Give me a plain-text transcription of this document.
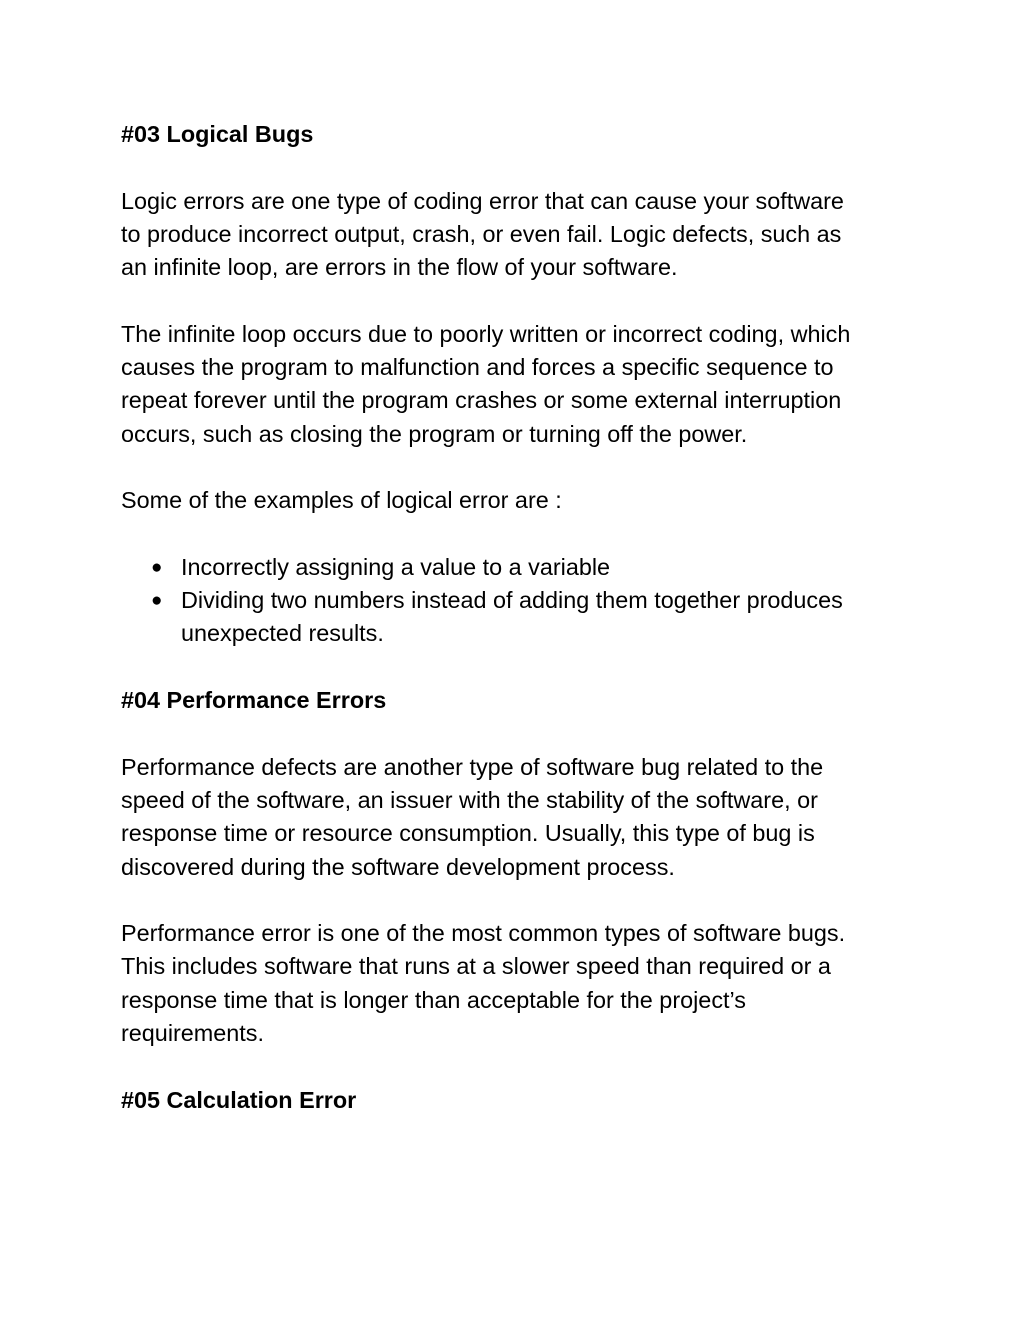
#03 Logical Bugs
Logic errors are one type of coding error that can cause your software
to produce incorrect output, crash, or even fail. Logic defects, such as
an infinite loop, are errors in the flow of your software.
The infinite loop occurs due to poorly written or incorrect coding, which
causes the program to malfunction and forces a specific sequence to
repeat forever until the program crashes or some external interruption
occurs, such as closing the program or turning off the power.
Some of the examples of logical error are :
● Incorrectly assigning a value to a variable
● Dividing two numbers instead of adding them together produces
unexpected results.
#04 Performance Errors
Performance defects are another type of software bug related to the
speed of the software, an issuer with the stability of the software, or
response time or resource consumption. Usually, this type of bug is
discovered during the software development process.
Performance error is one of the most common types of software bugs.
This includes software that runs at a slower speed than required or a
response time that is longer than acceptable for the project’s
requirements.
#05 Calculation Error
